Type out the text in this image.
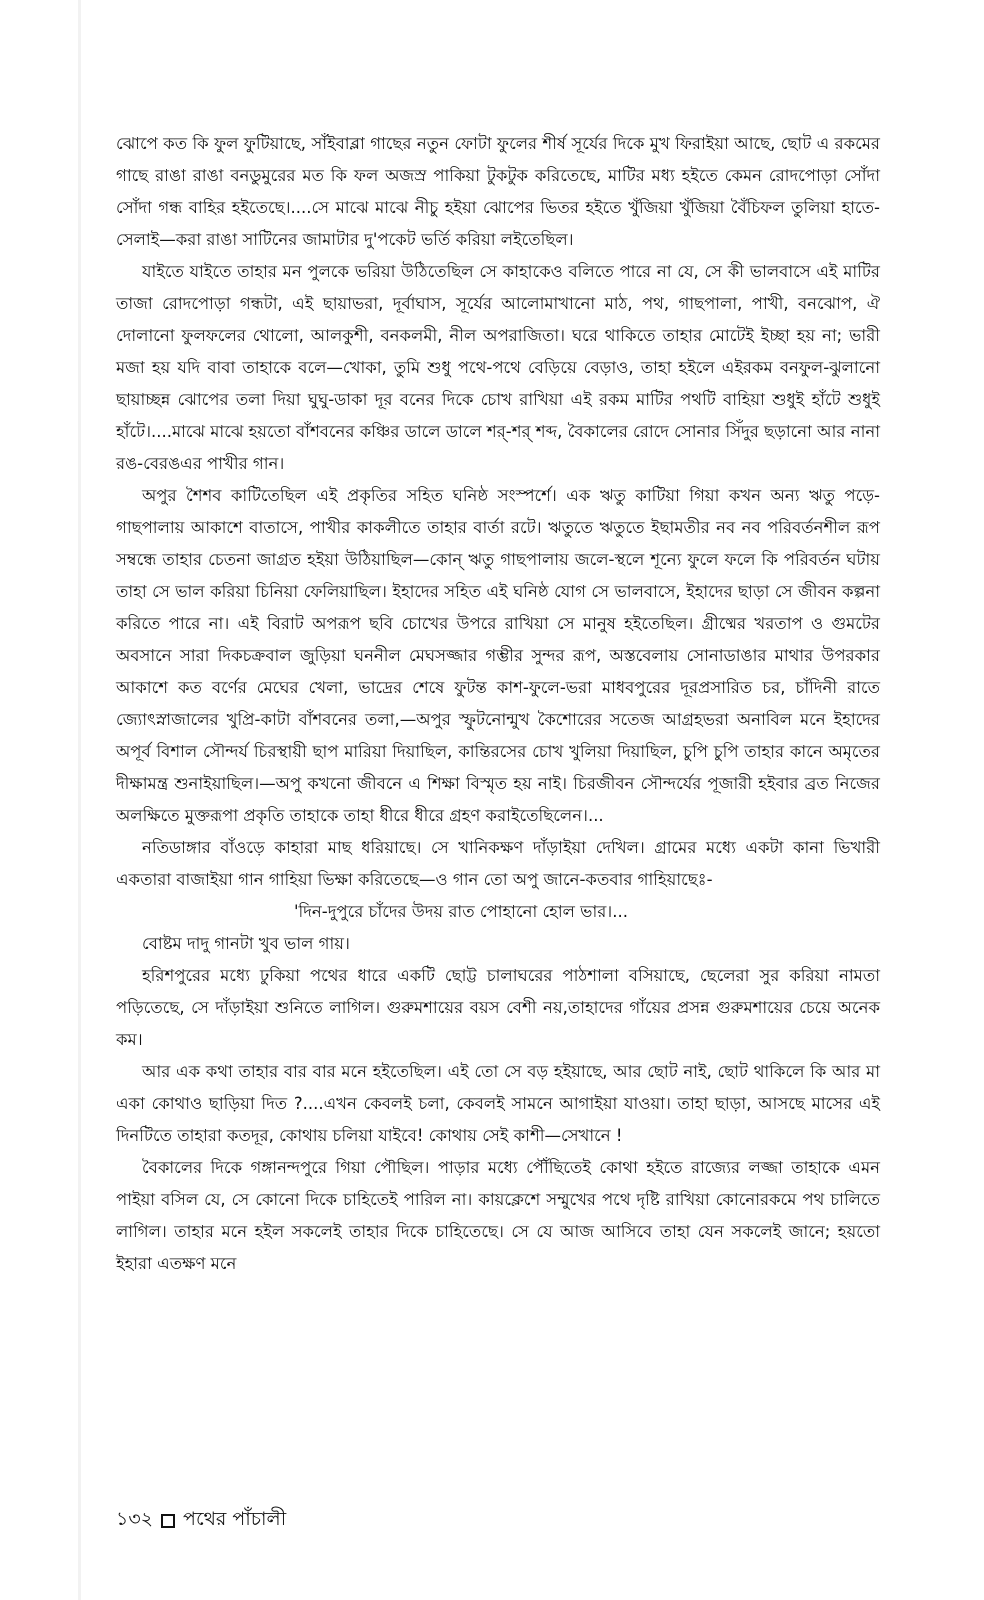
ঝোপে কত কি ফুল ফুটিয়াছে, সাঁইবাব্লা গাছের নতুন ফোটা ফুলের শীর্ষ সূর্যের দিকে মুখ ফিরাইয়া আছে, ছোট এ রকমের গাছে রাঙা রাঙা বনডুমুরের মত কি ফল অজস্র পাকিয়া টুকটুক করিতেছে, মাটির মধ্য হইতে কেমন রোদপোড়া সোঁদা সোঁদা গন্ধ বাহির হইতেছে।....সে মাঝে মাঝে নীচু হইয়া ঝোপের ভিতর হইতে খুঁজিয়া খুঁজিয়া বৈঁচিফল তুলিয়া হাতে-সেলাই—করা রাঙা সাটিনের জামাটার দু'পকেট ভর্তি করিয়া লইতেছিল।

যাইতে যাইতে তাহার মন পুলকে ভরিয়া উঠিতেছিল সে কাহাকেও বলিতে পারে না যে, সে কী ভালবাসে এই মাটির তাজা রোদপোড়া গন্ধটা, এই ছায়াভরা, দূর্বাঘাস, সূর্যের আলোমাখানো মাঠ, পথ, গাছপালা, পাখী, বনঝোপ, ঐ দোলানো ফুলফলের থোলো, আলকুশী, বনকলমী, নীল অপরাজিতা। ঘরে থাকিতে তাহার মোটেই ইচ্ছা হয় না; ভারী মজা হয় যদি বাবা তাহাকে বলে—খোকা, তুমি শুধু পথে-পথে বেড়িয়ে বেড়াও, তাহা হইলে এইরকম বনফুল-ঝুলানো ছায়াচ্ছন্ন ঝোপের তলা দিয়া ঘুঘু-ডাকা দূর বনের দিকে চোখ রাখিয়া এই রকম মাটির পথটি বাহিয়া শুধুই হাঁটে শুধুই হাঁটে।....মাঝে মাঝে হয়তো বাঁশবনের কঞ্চির ডালে ডালে শর্-শর্ শব্দ, বৈকালের রোদে সোনার সিঁদুর ছড়ানো আর নানা রঙ-বেরঙএর পাখীর গান।

অপুর শৈশব কাটিতেছিল এই প্রকৃতির সহিত ঘনিষ্ঠ সংস্পর্শে। এক ঋতু কাটিয়া গিয়া কখন অন্য ঋতু পড়ে-গাছপালায় আকাশে বাতাসে, পাখীর কাকলীতে তাহার বার্তা রটে। ঋতুতে ঋতুতে ইছামতীর নব নব পরিবর্তনশীল রূপ সম্বন্ধে তাহার চেতনা জাগ্রত হইয়া উঠিয়াছিল—কোন্ ঋতু গাছপালায় জলে-স্থলে শূন্যে ফুলে ফলে কি পরিবর্তন ঘটায় তাহা সে ভাল করিয়া চিনিয়া ফেলিয়াছিল। ইহাদের সহিত এই ঘনিষ্ঠ যোগ সে ভালবাসে, ইহাদের ছাড়া সে জীবন কল্পনা করিতে পারে না। এই বিরাট অপরূপ ছবি চোখের উপরে রাখিয়া সে মানুষ হইতেছিল। গ্রীষ্মের খরতাপ ও গুমটের অবসানে সারা দিকচক্রবাল জুড়িয়া ঘননীল মেঘসজ্জার গম্ভীর সুন্দর রূপ, অস্তবেলায় সোনাডাঙার মাথার উপরকার আকাশে কত বর্ণের মেঘের খেলা, ভাদ্রের শেষে ফুটন্ত কাশ-ফুলে-ভরা মাধবপুরের দূরপ্রসারিত চর, চাঁদিনী রাতে জ্যোৎস্নাজালের খুপ্রি-কাটা বাঁশবনের তলা,—অপুর স্ফুটনোন্মুখ কৈশোরের সতেজ আগ্রহভরা অনাবিল মনে ইহাদের অপূর্ব বিশাল সৌন্দর্য চিরস্থায়ী ছাপ মারিয়া দিয়াছিল, কান্তিরসের চোখ খুলিয়া দিয়াছিল, চুপি চুপি তাহার কানে অমৃতের দীক্ষামন্ত্র শুনাইয়াছিল।—অপু কখনো জীবনে এ শিক্ষা বিস্মৃত হয় নাই। চিরজীবন সৌন্দর্যের পূজারী হইবার ব্রত নিজের অলক্ষিতে মুক্তরূপা প্রকৃতি তাহাকে তাহা ধীরে ধীরে গ্রহণ করাইতেছিলেন।...

নতিডাঙ্গার বাঁওড়ে কাহারা মাছ ধরিয়াছে। সে খানিকক্ষণ দাঁড়াইয়া দেখিল। গ্রামের মধ্যে একটা কানা ভিখারী একতারা বাজাইয়া গান গাহিয়া ভিক্ষা করিতেছে—ও গান তো অপু জানে-কতবার গাহিয়াছেঃ-

'দিন-দুপুরে চাঁদের উদয় রাত পোহানো হোল ভার।...

বোষ্টম দাদু গানটা খুব ভাল গায়।

হরিশপুরের মধ্যে ঢুকিয়া পথের ধারে একটি ছোট্ট চালাঘরের পাঠশালা বসিয়াছে, ছেলেরা সুর করিয়া নামতা পড়িতেছে, সে দাঁড়াইয়া শুনিতে লাগিল। গুরুমশায়ের বয়স বেশী নয়,তাহাদের গাঁয়ের প্রসন্ন গুরুমশায়ের চেয়ে অনেক কম।

আর এক কথা তাহার বার বার মনে হইতেছিল। এই তো সে বড় হইয়াছে, আর ছোট নাই, ছোট থাকিলে কি আর মা একা কোথাও ছাড়িয়া দিত ?....এখন কেবলই চলা, কেবলই সামনে আগাইয়া যাওয়া। তাহা ছাড়া, আসছে মাসের এই দিনটিতে তাহারা কতদূর, কোথায় চলিয়া যাইবে! কোথায় সেই কাশী—সেখানে !

বৈকালের দিকে গঙ্গানন্দপুরে গিয়া পৌছিল। পাড়ার মধ্যে পৌঁছিতেই কোথা হইতে রাজ্যের লজ্জা তাহাকে এমন পাইয়া বসিল যে, সে কোনো দিকে চাহিতেই পারিল না। কায়ক্লেশে সম্মুখের পথে দৃষ্টি রাখিয়া কোনোরকমে পথ চালিতে লাগিল। তাহার মনে হইল সকলেই তাহার দিকে চাহিতেছে। সে যে আজ আসিবে তাহা যেন সকলেই জানে; হয়তো ইহারা এতক্ষণ মনে

১৩২ পথের পাঁচালী
